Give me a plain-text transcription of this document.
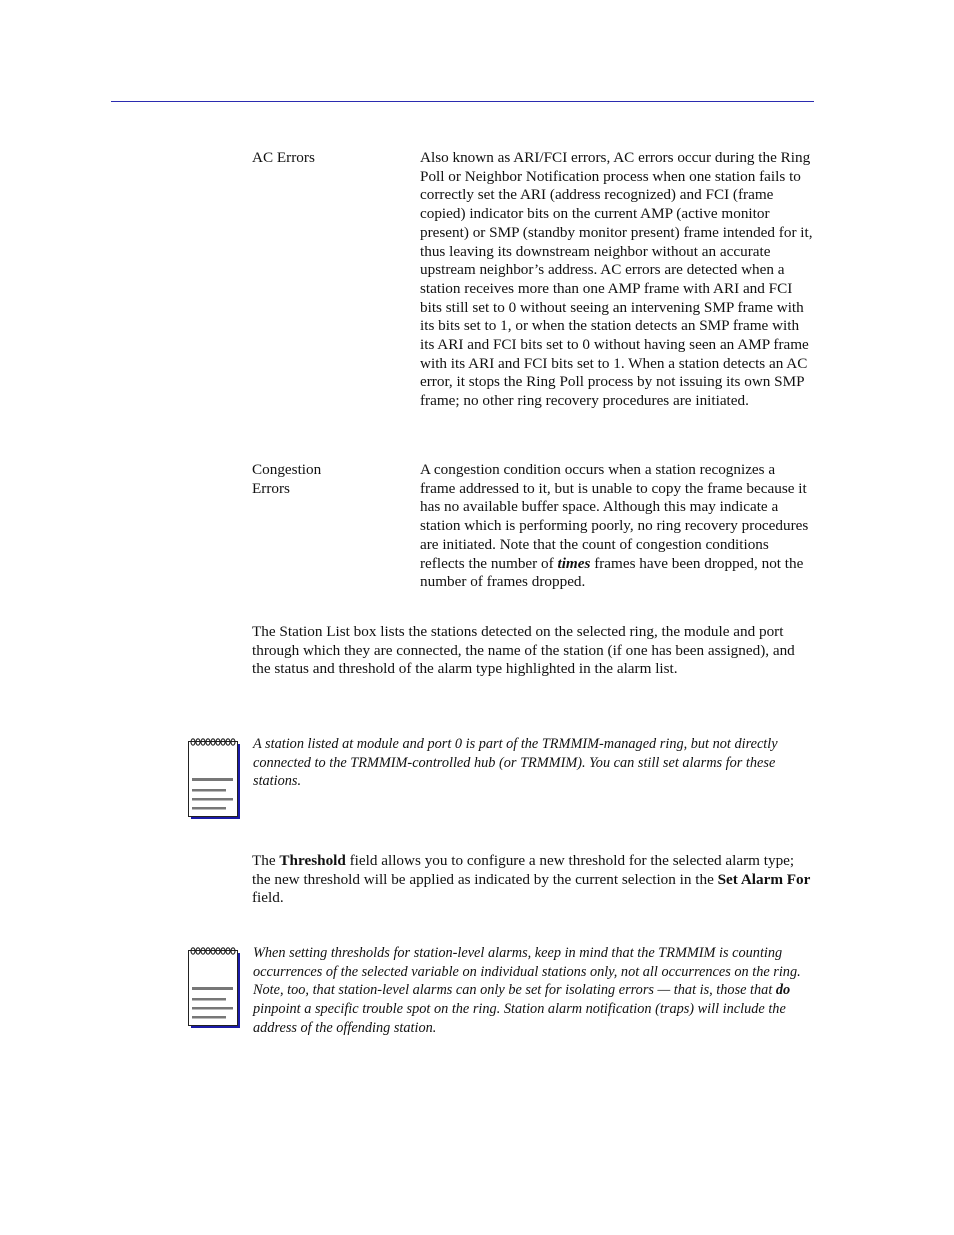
AC Errors	Also known as ARI/FCI errors, AC errors occur during the Ring Poll or Neighbor Notification process when one station fails to correctly set the ARI (address recognized) and FCI (frame copied) indicator bits on the current AMP (active monitor present) or SMP (standby monitor present) frame intended for it, thus leaving its downstream neighbor without an accurate upstream neighbor’s address. AC errors are detected when a station receives more than one AMP frame with ARI and FCI bits still set to 0 without seeing an intervening SMP frame with its bits set to 1, or when the station detects an SMP frame with its ARI and FCI bits set to 0 without having seen an AMP frame with its ARI and FCI bits set to 1. When a station detects an AC error, it stops the Ring Poll process by not issuing its own SMP frame; no other ring recovery procedures are initiated.
Congestion
Errors
A congestion condition occurs when a station recognizes a frame addressed to it, but is unable to copy the frame because it has no available buffer space. Although this may indicate a station which is performing poorly, no ring recovery procedures are initiated. Note that the count of congestion conditions reflects the number of times frames have been dropped, not the number of frames dropped.
The Station List box lists the stations detected on the selected ring, the module and port through which they are connected, the name of the station (if one has been assigned), and the status and threshold of the alarm type highlighted in the alarm list.
A station listed at module and port 0 is part of the TRMMIM-managed ring, but not directly connected to the TRMMIM-controlled hub (or TRMMIM). You can still set alarms for these stations.
The Threshold field allows you to configure a new threshold for the selected alarm type; the new threshold will be applied as indicated by the current selection in the Set Alarm For field.
When setting thresholds for station-level alarms, keep in mind that the TRMMIM is counting occurrences of the selected variable on individual stations only, not all occurrences on the ring. Note, too, that station-level alarms can only be set for isolating errors — that is, those that do pinpoint a specific trouble spot on the ring. Station alarm notification (traps) will include the address of the offending station.
